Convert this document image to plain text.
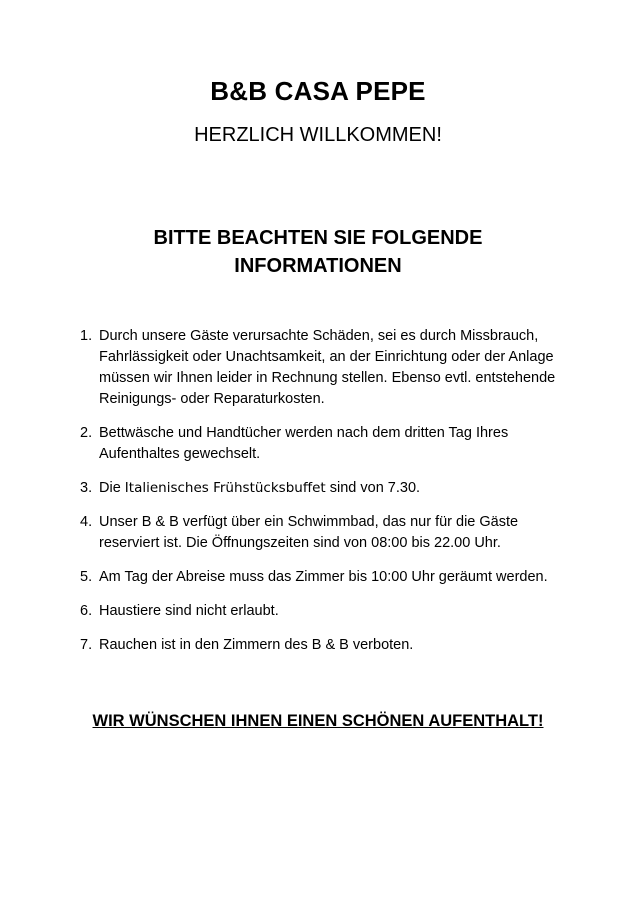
B&B CASA PEPE
HERZLICH WILLKOMMEN!
BITTE BEACHTEN SIE FOLGENDE
INFORMATIONEN
1. Durch unsere Gäste verursachte Schäden, sei es durch Missbrauch, Fahrlässigkeit oder Unachtsamkeit, an der Einrichtung oder der Anlage müssen wir Ihnen leider in Rechnung stellen. Ebenso evtl. entstehende Reinigungs- oder Reparaturkosten.
2. Bettwäsche und Handtücher werden nach dem dritten Tag Ihres Aufenthaltes gewechselt.
3. Die Italienisches Frühstücksbuffet sind von 7.30.
4. Unser B & B verfügt über ein Schwimmbad, das nur für die Gäste reserviert ist. Die Öffnungszeiten sind von 08:00 bis 22.00 Uhr.
5. Am Tag der Abreise muss das Zimmer bis 10:00 Uhr geräumt werden.
6. Haustiere sind nicht erlaubt.
7. Rauchen ist in den Zimmern des B & B verboten.
WIR WÜNSCHEN IHNEN EINEN SCHÖNEN AUFENTHALT!
